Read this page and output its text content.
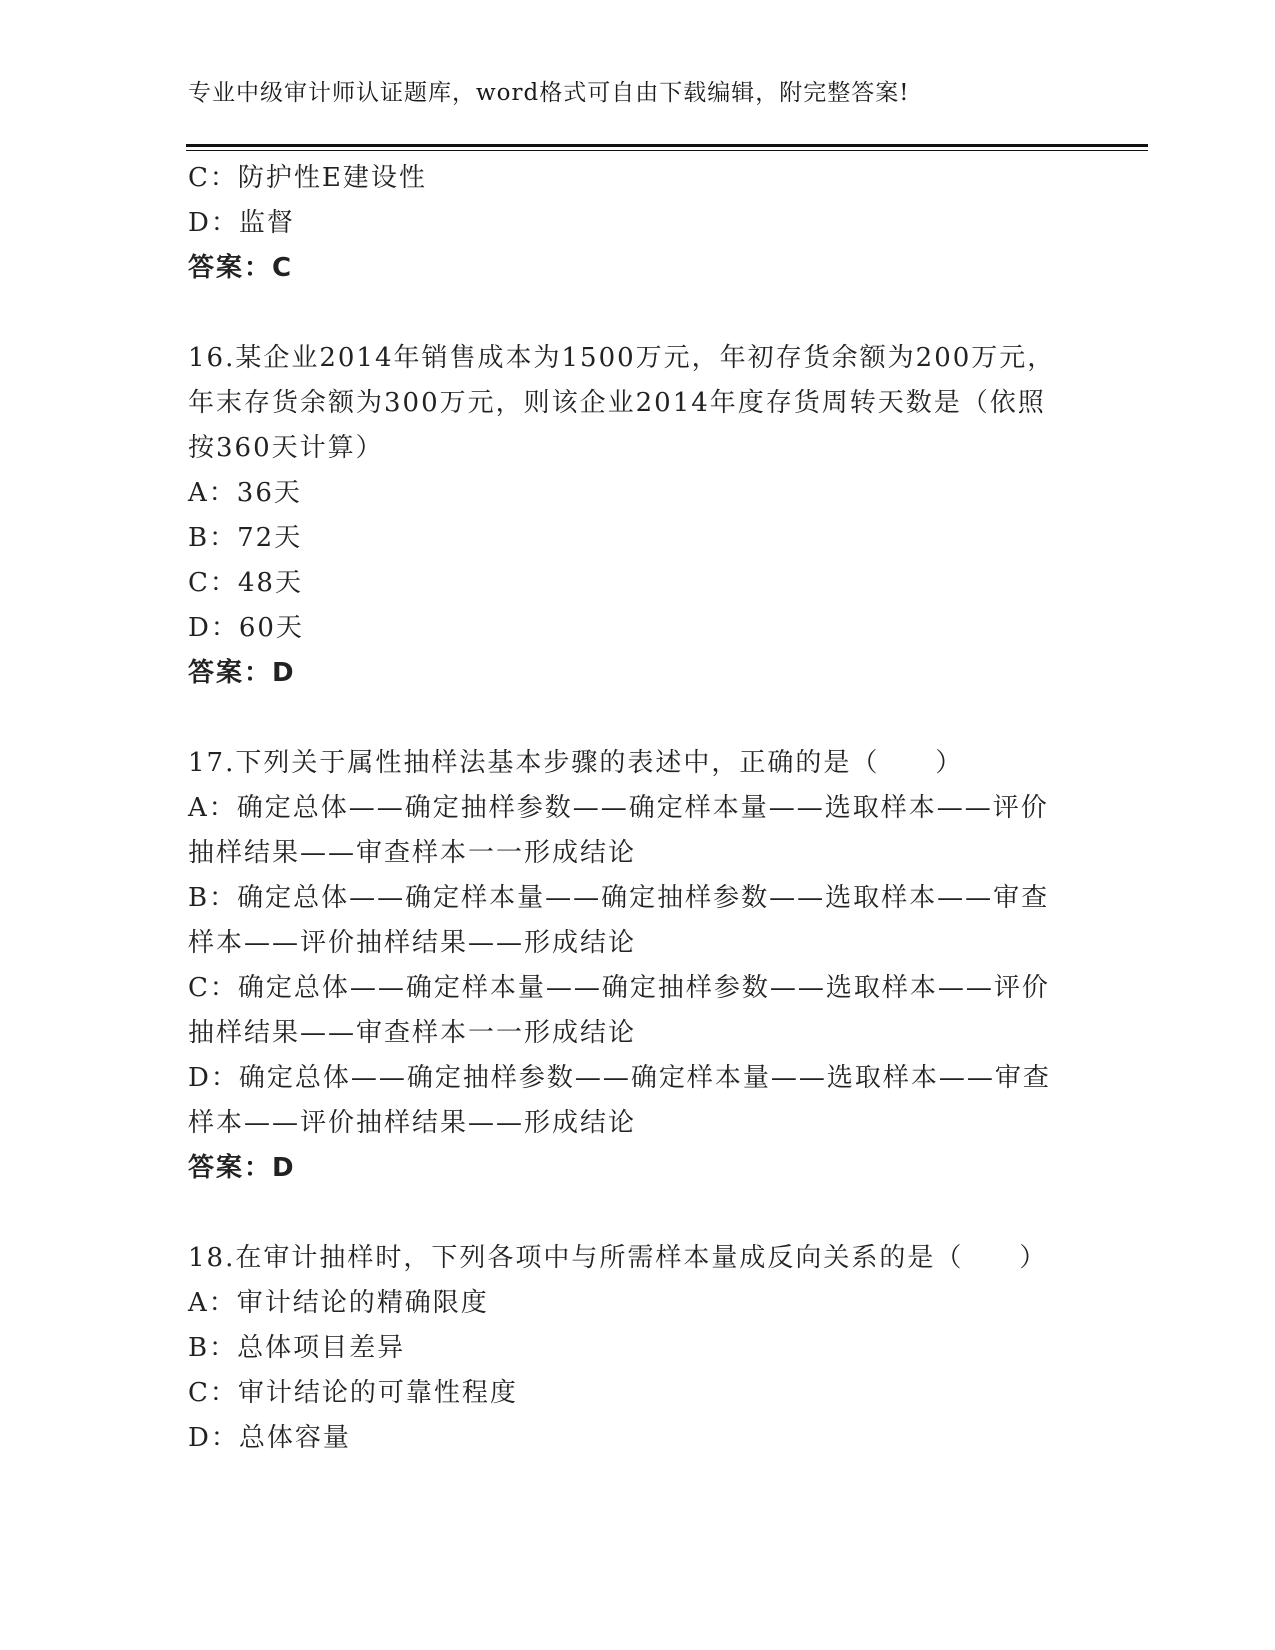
专业中级审计师认证题库，word格式可自由下载编辑，附完整答案!
C：防护性E建设性
D：监督
答案：C
16.某企业2014年销售成本为1500万元，年初存货余额为200万元，
年末存货余额为300万元，则该企业2014年度存货周转天数是（依照
按360天计算）
A：36天
B：72天
C：48天
D：60天
答案：D
17.下列关于属性抽样法基本步骤的表述中，正确的是（　　）
A：确定总体——确定抽样参数——确定样本量——选取样本——评价
抽样结果——审查样本一一形成结论
B：确定总体——确定样本量——确定抽样参数——选取样本——审查
样本——评价抽样结果——形成结论
C：确定总体——确定样本量——确定抽样参数——选取样本——评价
抽样结果——审查样本一一形成结论
D：确定总体——确定抽样参数——确定样本量——选取样本——审查
样本——评价抽样结果——形成结论
答案：D
18.在审计抽样时，下列各项中与所需样本量成反向关系的是（　　）
A：审计结论的精确限度
B：总体项目差异
C：审计结论的可靠性程度
D：总体容量
